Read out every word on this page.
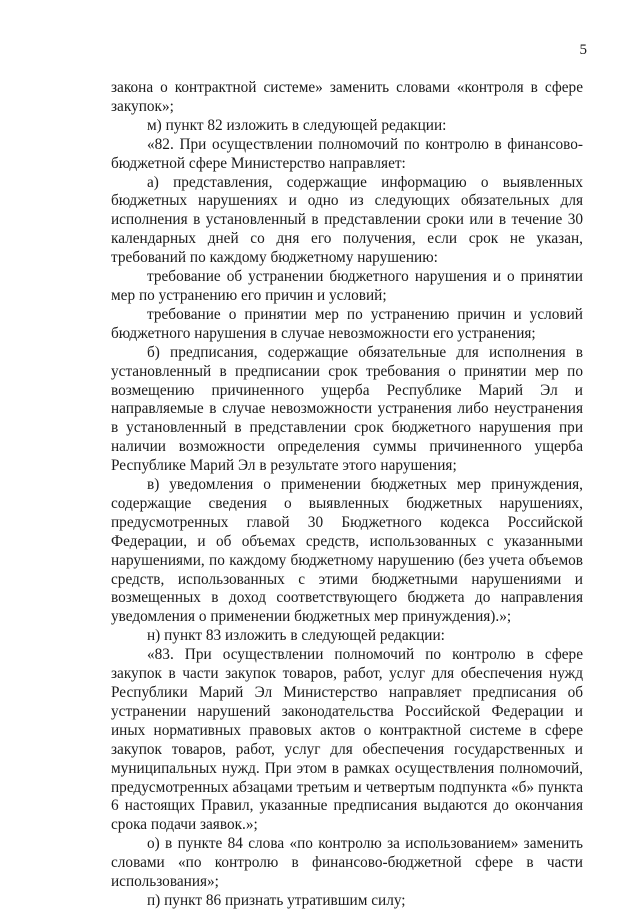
5

закона о контрактной системе» заменить словами «контроля в сфере закупок»;

м) пункт 82 изложить в следующей редакции:

«82. При осуществлении полномочий по контролю в финансово-бюджетной сфере Министерство направляет:

а) представления, содержащие информацию о выявленных бюджетных нарушениях и одно из следующих обязательных для исполнения в установленный в представлении сроки или в течение 30 календарных дней со дня его получения, если срок не указан, требований по каждому бюджетному нарушению:

требование об устранении бюджетного нарушения и о принятии мер по устранению его причин и условий;

требование о принятии мер по устранению причин и условий бюджетного нарушения в случае невозможности его устранения;

б) предписания, содержащие обязательные для исполнения в установленный в предписании срок требования о принятии мер по возмещению причиненного ущерба Республике Марий Эл и направляемые в случае невозможности устранения либо неустранения в установленный в представлении срок бюджетного нарушения при наличии возможности определения суммы причиненного ущерба Республике Марий Эл в результате этого нарушения;

в) уведомления о применении бюджетных мер принуждения, содержащие сведения о выявленных бюджетных нарушениях, предусмотренных главой 30 Бюджетного кодекса Российской Федерации, и об объемах средств, использованных с указанными нарушениями, по каждому бюджетному нарушению (без учета объемов средств, использованных с этими бюджетными нарушениями и возмещенных в доход соответствующего бюджета до направления уведомления о применении бюджетных мер принуждения).»;

н) пункт 83 изложить в следующей редакции:

«83. При осуществлении полномочий по контролю в сфере закупок в части закупок товаров, работ, услуг для обеспечения нужд Республики Марий Эл Министерство направляет предписания об устранении нарушений законодательства Российской Федерации и иных нормативных правовых актов о контрактной системе в сфере закупок товаров, работ, услуг для обеспечения государственных и муниципальных нужд. При этом в рамках осуществления полномочий, предусмотренных абзацами третьим и четвертым подпункта «б» пункта 6 настоящих Правил, указанные предписания выдаются до окончания срока подачи заявок.»;

о) в пункте 84 слова «по контролю за использованием» заменить словами «по контролю в финансово-бюджетной сфере в части использования»;

п) пункт 86 признать утратившим силу;
